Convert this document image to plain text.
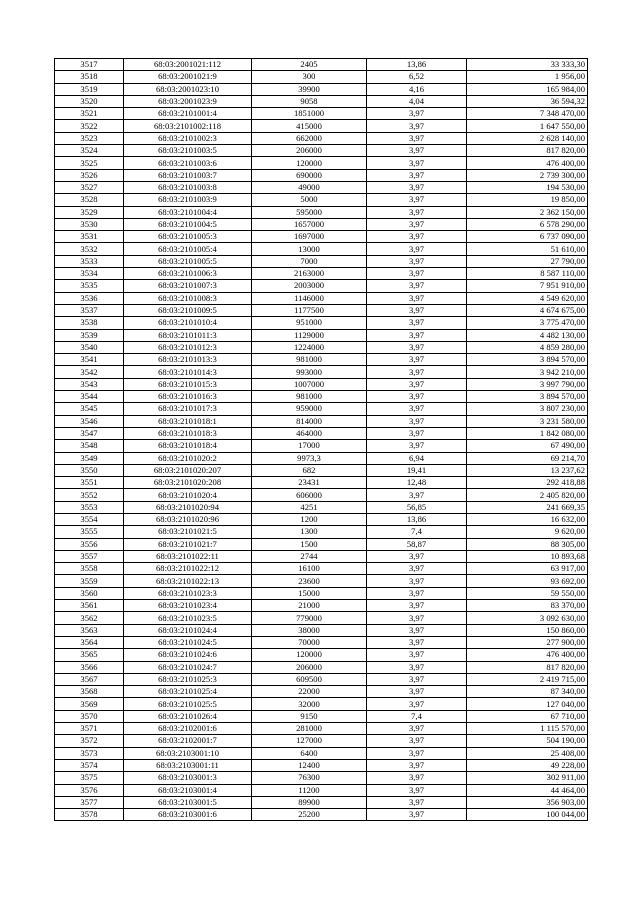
3517	68:03:2001021:112	2405	13,86	33 333,30
3518	68:03:2001021:9	300	6,52	1 956,00
3519	68:03:2001023:10	39900	4,16	165 984,00
3520	68:03:2001023:9	9058	4,04	36 594,32
3521	68:03:2101001:4	1851000	3,97	7 348 470,00
3522	68:03:2101002:118	415000	3,97	1 647 550,00
3523	68:03:2101002:3	662000	3,97	2 628 140,00
3524	68:03:2101003:5	206000	3,97	817 820,00
3525	68:03:2101003:6	120000	3,97	476 400,00
3526	68:03:2101003:7	690000	3,97	2 739 300,00
3527	68:03:2101003:8	49000	3,97	194 530,00
3528	68:03:2101003:9	5000	3,97	19 850,00
3529	68:03:2101004:4	595000	3,97	2 362 150,00
3530	68:03:2101004:5	1657000	3,97	6 578 290,00
3531	68:03:2101005:3	1697000	3,97	6 737 090,00
3532	68:03:2101005:4	13000	3,97	51 610,00
3533	68:03:2101005:5	7000	3,97	27 790,00
3534	68:03:2101006:3	2163000	3,97	8 587 110,00
3535	68:03:2101007:3	2003000	3,97	7 951 910,00
3536	68:03:2101008:3	1146000	3,97	4 549 620,00
3537	68:03:2101009:5	1177500	3,97	4 674 675,00
3538	68:03:2101010:4	951000	3,97	3 775 470,00
3539	68:03:2101011:3	1129000	3,97	4 482 130,00
3540	68:03:2101012:3	1224000	3,97	4 859 280,00
3541	68:03:2101013:3	981000	3,97	3 894 570,00
3542	68:03:2101014:3	993000	3,97	3 942 210,00
3543	68:03:2101015:3	1007000	3,97	3 997 790,00
3544	68:03:2101016:3	981000	3,97	3 894 570,00
3545	68:03:2101017:3	959000	3,97	3 807 230,00
3546	68:03:2101018:1	814000	3,97	3 231 580,00
3547	68:03:2101018:3	464000	3,97	1 842 080,00
3548	68:03:2101018:4	17000	3,97	67 490,00
3549	68:03:2101020:2	9973,3	6,94	69 214,70
3550	68:03:2101020:207	682	19,41	13 237,62
3551	68:03:2101020:208	23431	12,48	292 418,88
3552	68:03:2101020:4	606000	3,97	2 405 820,00
3553	68:03:2101020:94	4251	56,85	241 669,35
3554	68:03:2101020:96	1200	13,86	16 632,00
3555	68:03:2101021:5	1300	7,4	9 620,00
3556	68:03:2101021:7	1500	58,87	88 305,00
3557	68:03:2101022:11	2744	3,97	10 893,68
3558	68:03:2101022:12	16100	3,97	63 917,00
3559	68:03:2101022:13	23600	3,97	93 692,00
3560	68:03:2101023:3	15000	3,97	59 550,00
3561	68:03:2101023:4	21000	3,97	83 370,00
3562	68:03:2101023:5	779000	3,97	3 092 630,00
3563	68:03:2101024:4	38000	3,97	150 860,00
3564	68:03:2101024:5	70000	3,97	277 900,00
3565	68:03:2101024:6	120000	3,97	476 400,00
3566	68:03:2101024:7	206000	3,97	817 820,00
3567	68:03:2101025:3	609500	3,97	2 419 715,00
3568	68:03:2101025:4	22000	3,97	87 340,00
3569	68:03:2101025:5	32000	3,97	127 040,00
3570	68:03:2101026:4	9150	7,4	67 710,00
3571	68:03:2102001:6	281000	3,97	1 115 570,00
3572	68:03:2102001:7	127000	3,97	504 190,00
3573	68:03:2103001:10	6400	3,97	25 408,00
3574	68:03:2103001:11	12400	3,97	49 228,00
3575	68:03:2103001:3	76300	3,97	302 911,00
3576	68:03:2103001:4	11200	3,97	44 464,00
3577	68:03:2103001:5	89900	3,97	356 903,00
3578	68:03:2103001:6	25200	3,97	100 044,00
